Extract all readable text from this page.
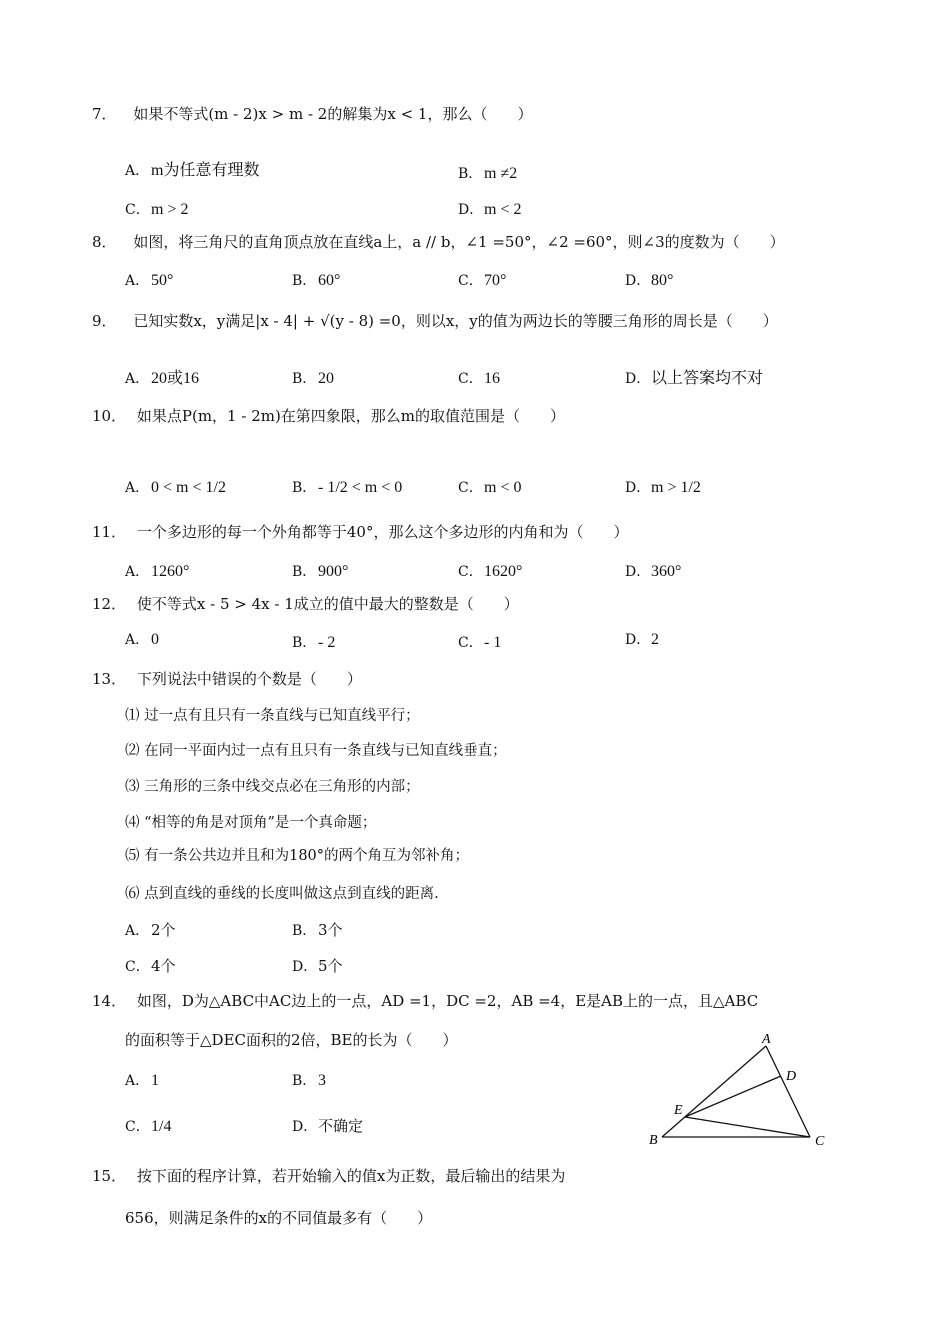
7． 如果不等式(m - 2)x > m - 2的解集为x < 1，那么（　　）
A． m为任意有理数	B． m ≠2
C．m > 2	D．m < 2
8． 如图，将三角尺的直角顶点放在直线a上，a // b，∠1 =50°，∠2 =60°，则∠3的度数为（　　）
A． 50°	B． 60°	C．70°	D．80°
9． 已知实数x，y满足|x - 4| + √(y - 8) =0，则以x，y的值为两边长的等腰三角形的周长是（　　）
A． 20或16	B． 20	C．16	D．以上答案均不对
10． 如果点P(m，1 - 2m)在第四象限，那么m的取值范围是（　　）
A． 0 < m < 1/2	B． - 1/2 < m < 0	C．m < 0	D．m > 1/2
11． 一个多边形的每一个外角都等于40°，那么这个多边形的内角和为（　　）
A． 1260°	B． 900°	C．1620°	D．360°
12． 使不等式x - 5 > 4x - 1成立的值中最大的整数是（　　）
A． 0	B． - 2	C．- 1	D．2
13． 下列说法中错误的个数是（　　）
⑴ 过一点有且只有一条直线与已知直线平行；
⑵ 在同一平面内过一点有且只有一条直线与已知直线垂直；
⑶ 三角形的三条中线交点必在三角形的内部；
⑷ “相等的角是对顶角”是一个真命题；
⑸ 有一条公共边并且和为180°的两个角互为邻补角；
⑹ 点到直线的垂线的长度叫做这点到直线的距离.
A． 2个	B． 3个
C．4个	D．5个
14． 如图，D为△ABC中AC边上的一点，AD =1，DC =2，AB =4，E是AB上的一点，且△ABC
的面积等于△DEC面积的2倍，BE的长为（　　）
A． 1	B． 3
C．1/4	D．不确定
A
D
E
B	C
15． 按下面的程序计算，若开始输入的值x为正数，最后输出的结果为
656，则满足条件的x的不同值最多有（　　）
